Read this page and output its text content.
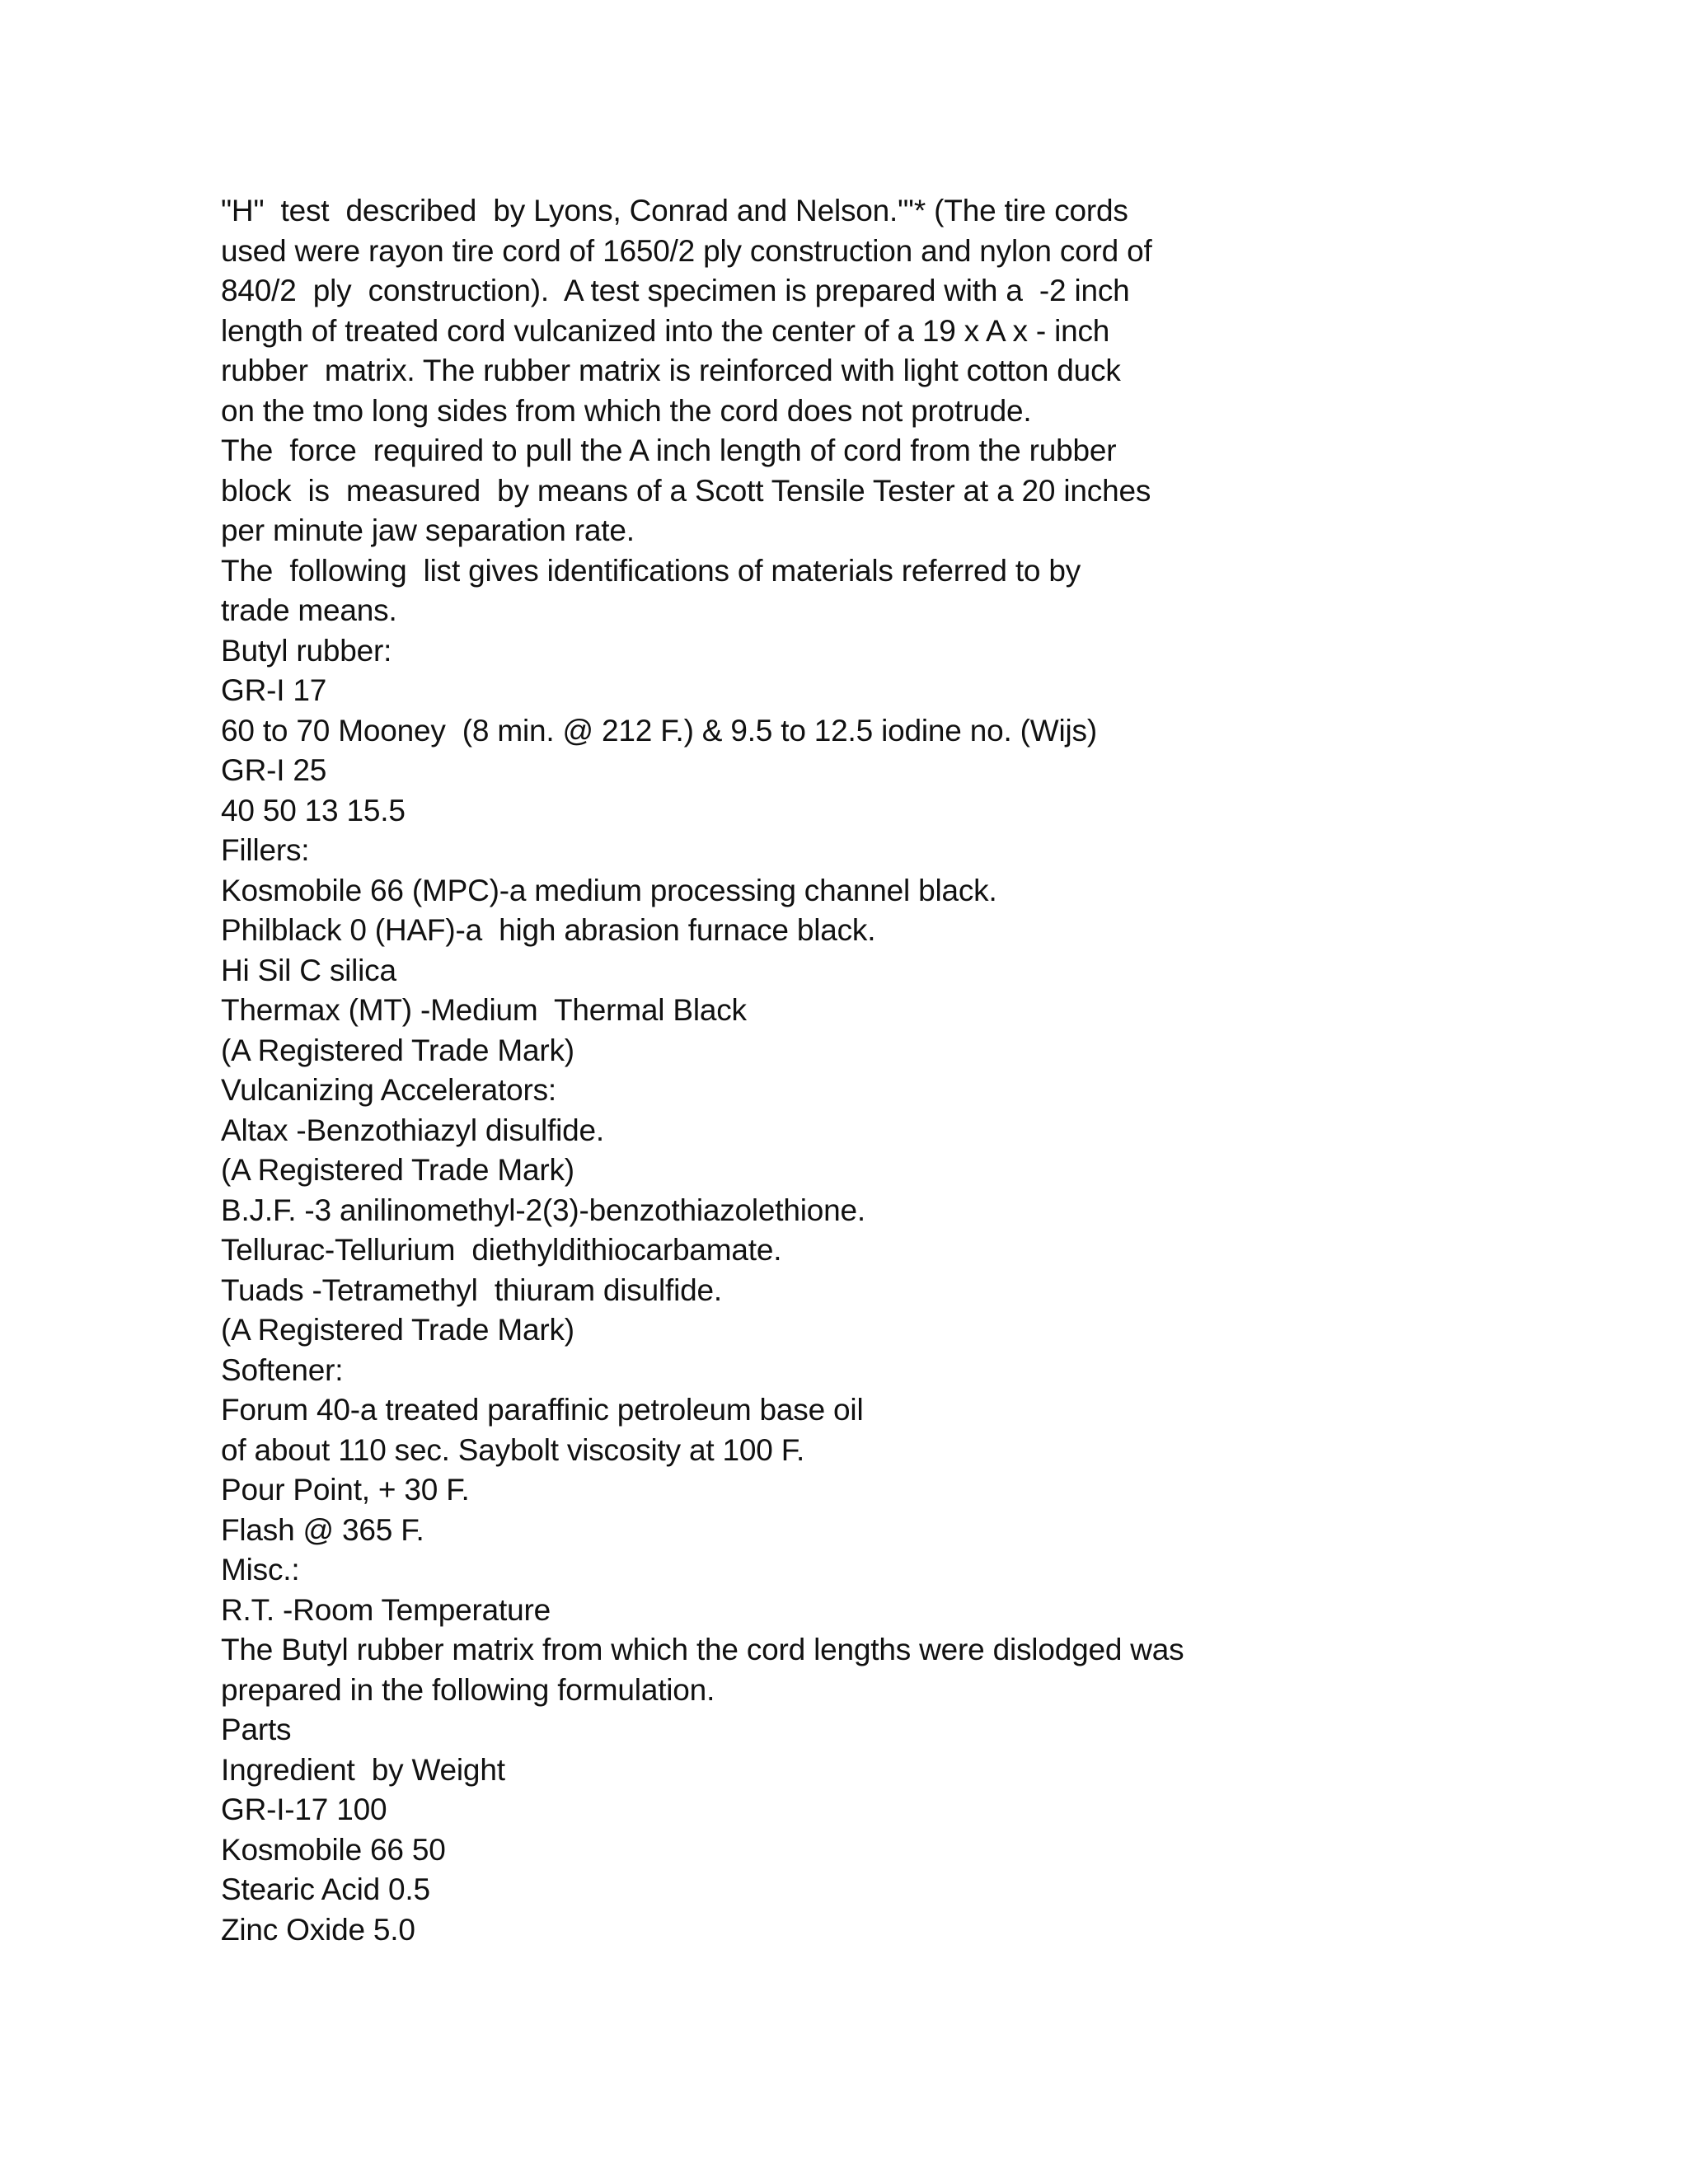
"H"  test  described  by Lyons, Conrad and Nelson."'* (The tire cords
used were rayon tire cord of 1650/2 ply construction and nylon cord of
840/2  ply  construction).  A test specimen is prepared with a  -2 inch
length of treated cord vulcanized into the center of a 19 x A x - inch
rubber  matrix. The rubber matrix is reinforced with light cotton duck
on the tmo long sides from which the cord does not protrude.
The  force  required to pull the A inch length of cord from the rubber
block  is  measured  by means of a Scott Tensile Tester at a 20 inches
per minute jaw separation rate.
The  following  list gives identifications of materials referred to by
trade means.
Butyl rubber:
GR-I 17
60 to 70 Mooney  (8 min. @ 212 F.) & 9.5 to 12.5 iodine no. (Wijs)
GR-I 25
40 50 13 15.5
Fillers:
Kosmobile 66 (MPC)-a medium processing channel black.
Philblack 0 (HAF)-a  high abrasion furnace black.
Hi Sil C silica
Thermax (MT) -Medium  Thermal Black
(A Registered Trade Mark)
Vulcanizing Accelerators:
Altax -Benzothiazyl disulfide.
(A Registered Trade Mark)
B.J.F. -3 anilinomethyl-2(3)-benzothiazolethione.
Tellurac-Tellurium  diethyldithiocarbamate.
Tuads -Tetramethyl  thiuram disulfide.
(A Registered Trade Mark)
Softener:
Forum 40-a treated paraffinic petroleum base oil
of about 110 sec. Saybolt viscosity at 100 F.
Pour Point, + 30 F.
Flash @ 365 F.
Misc.:
R.T. -Room Temperature
The Butyl rubber matrix from which the cord lengths were dislodged was
prepared in the following formulation.
Parts
Ingredient  by Weight
GR-I-17 100
Kosmobile 66 50
Stearic Acid 0.5
Zinc Oxide 5.0
